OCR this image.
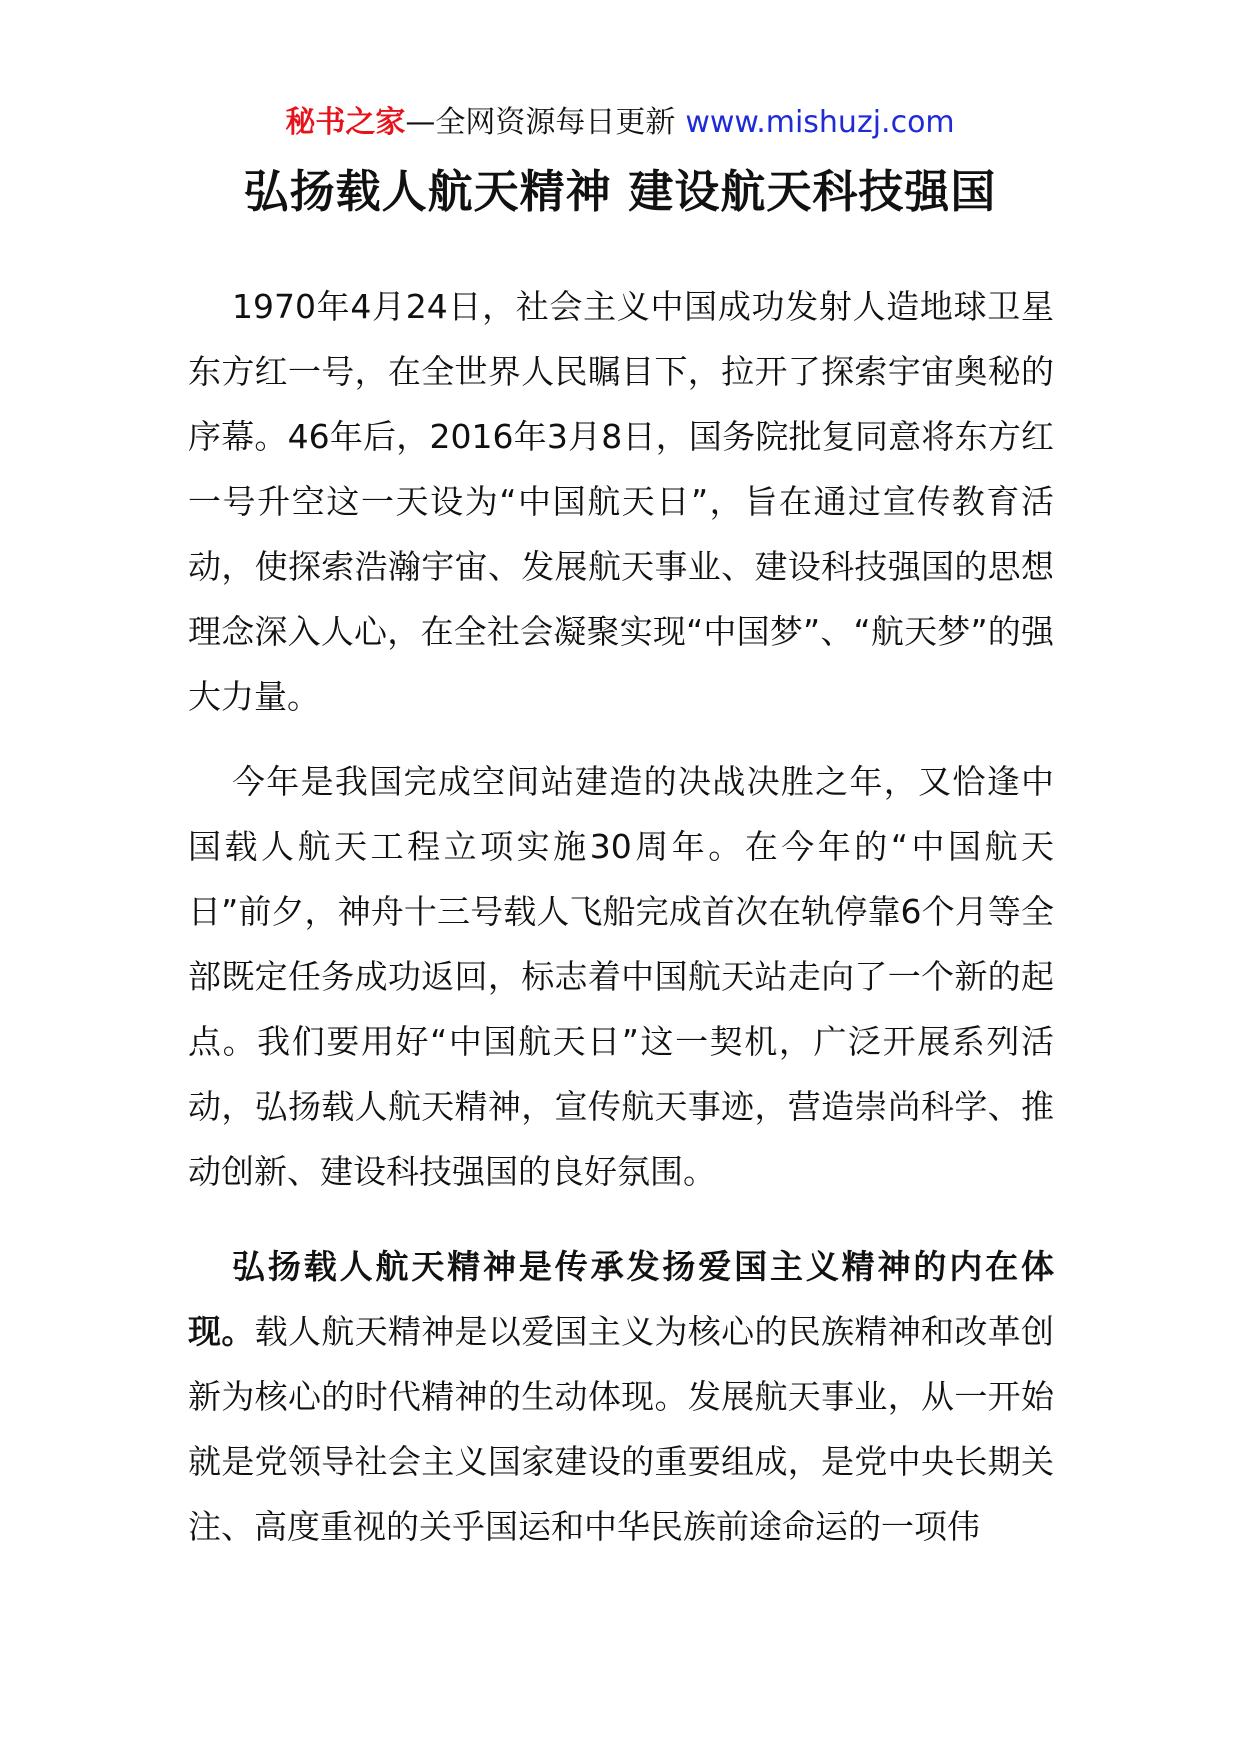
秘书之家—全网资源每日更新 www.mishuzj.com
弘扬载人航天精神 建设航天科技强国

1970年4月24日，社会主义中国成功发射人造地球卫星东方红一号，在全世界人民瞩目下，拉开了探索宇宙奥秘的序幕。46年后，2016年3月8日，国务院批复同意将东方红一号升空这一天设为“中国航天日”，旨在通过宣传教育活动，使探索浩瀚宇宙、发展航天事业、建设科技强国的思想理念深入人心，在全社会凝聚实现“中国梦”、“航天梦”的强大力量。

今年是我国完成空间站建造的决战决胜之年，又恰逢中国载人航天工程立项实施30周年。在今年的“中国航天日”前夕，神舟十三号载人飞船完成首次在轨停靠6个月等全部既定任务成功返回，标志着中国航天站走向了一个新的起点。我们要用好“中国航天日”这一契机，广泛开展系列活动，弘扬载人航天精神，宣传航天事迹，营造崇尚科学、推动创新、建设科技强国的良好氛围。

弘扬载人航天精神是传承发扬爱国主义精神的内在体现。载人航天精神是以爱国主义为核心的民族精神和改革创新为核心的时代精神的生动体现。发展航天事业，从一开始就是党领导社会主义国家建设的重要组成，是党中央长期关注、高度重视的关乎国运和中华民族前途命运的一项伟
